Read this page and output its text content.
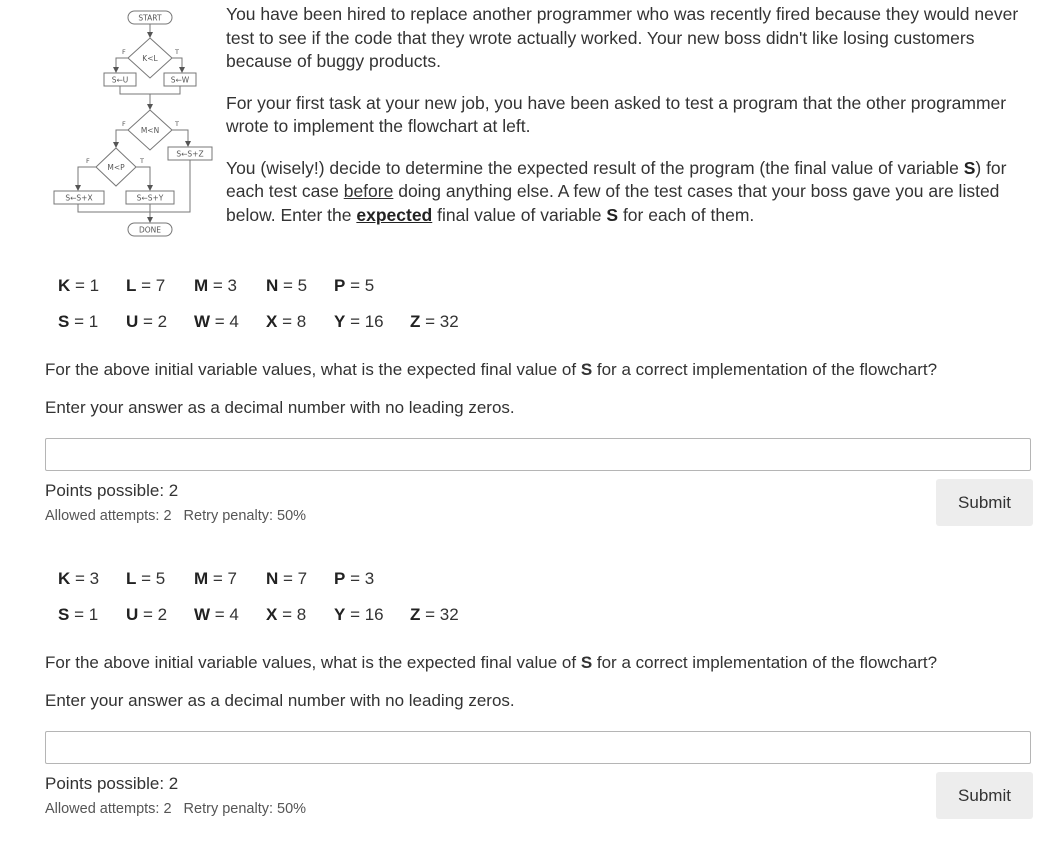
START
K<L
S←U	S←W
M<N
S←S+Z
M<P
S←S+X	S←S+Y
DONE
F	T
F	T
F	T

You have been hired to replace another programmer who was recently fired because they would never test to see if the code that they wrote actually worked. Your new boss didn't like losing customers because of buggy products.

For your first task at your new job, you have been asked to test a program that the other programmer wrote to implement the flowchart at left.

You (wisely!) decide to determine the expected result of the program (the final value of variable S) for each test case before doing anything else. A few of the test cases that your boss gave you are listed below. Enter the expected final value of variable S for each of them.

K = 1 L = 7 M = 3 N = 5 P = 5
S = 1 U = 2 W = 4 X = 8 Y = 16 Z = 32
For the above initial variable values, what is the expected final value of S for a correct implementation of the flowchart?
Enter your answer as a decimal number with no leading zeros.
Points possible: 2
Allowed attempts: 2 Retry penalty: 50%
Submit
K = 3 L = 5 M = 7 N = 7 P = 3
S = 1 U = 2 W = 4 X = 8 Y = 16 Z = 32
For the above initial variable values, what is the expected final value of S for a correct implementation of the flowchart?
Enter your answer as a decimal number with no leading zeros.
Points possible: 2
Allowed attempts: 2 Retry penalty: 50%
Submit
